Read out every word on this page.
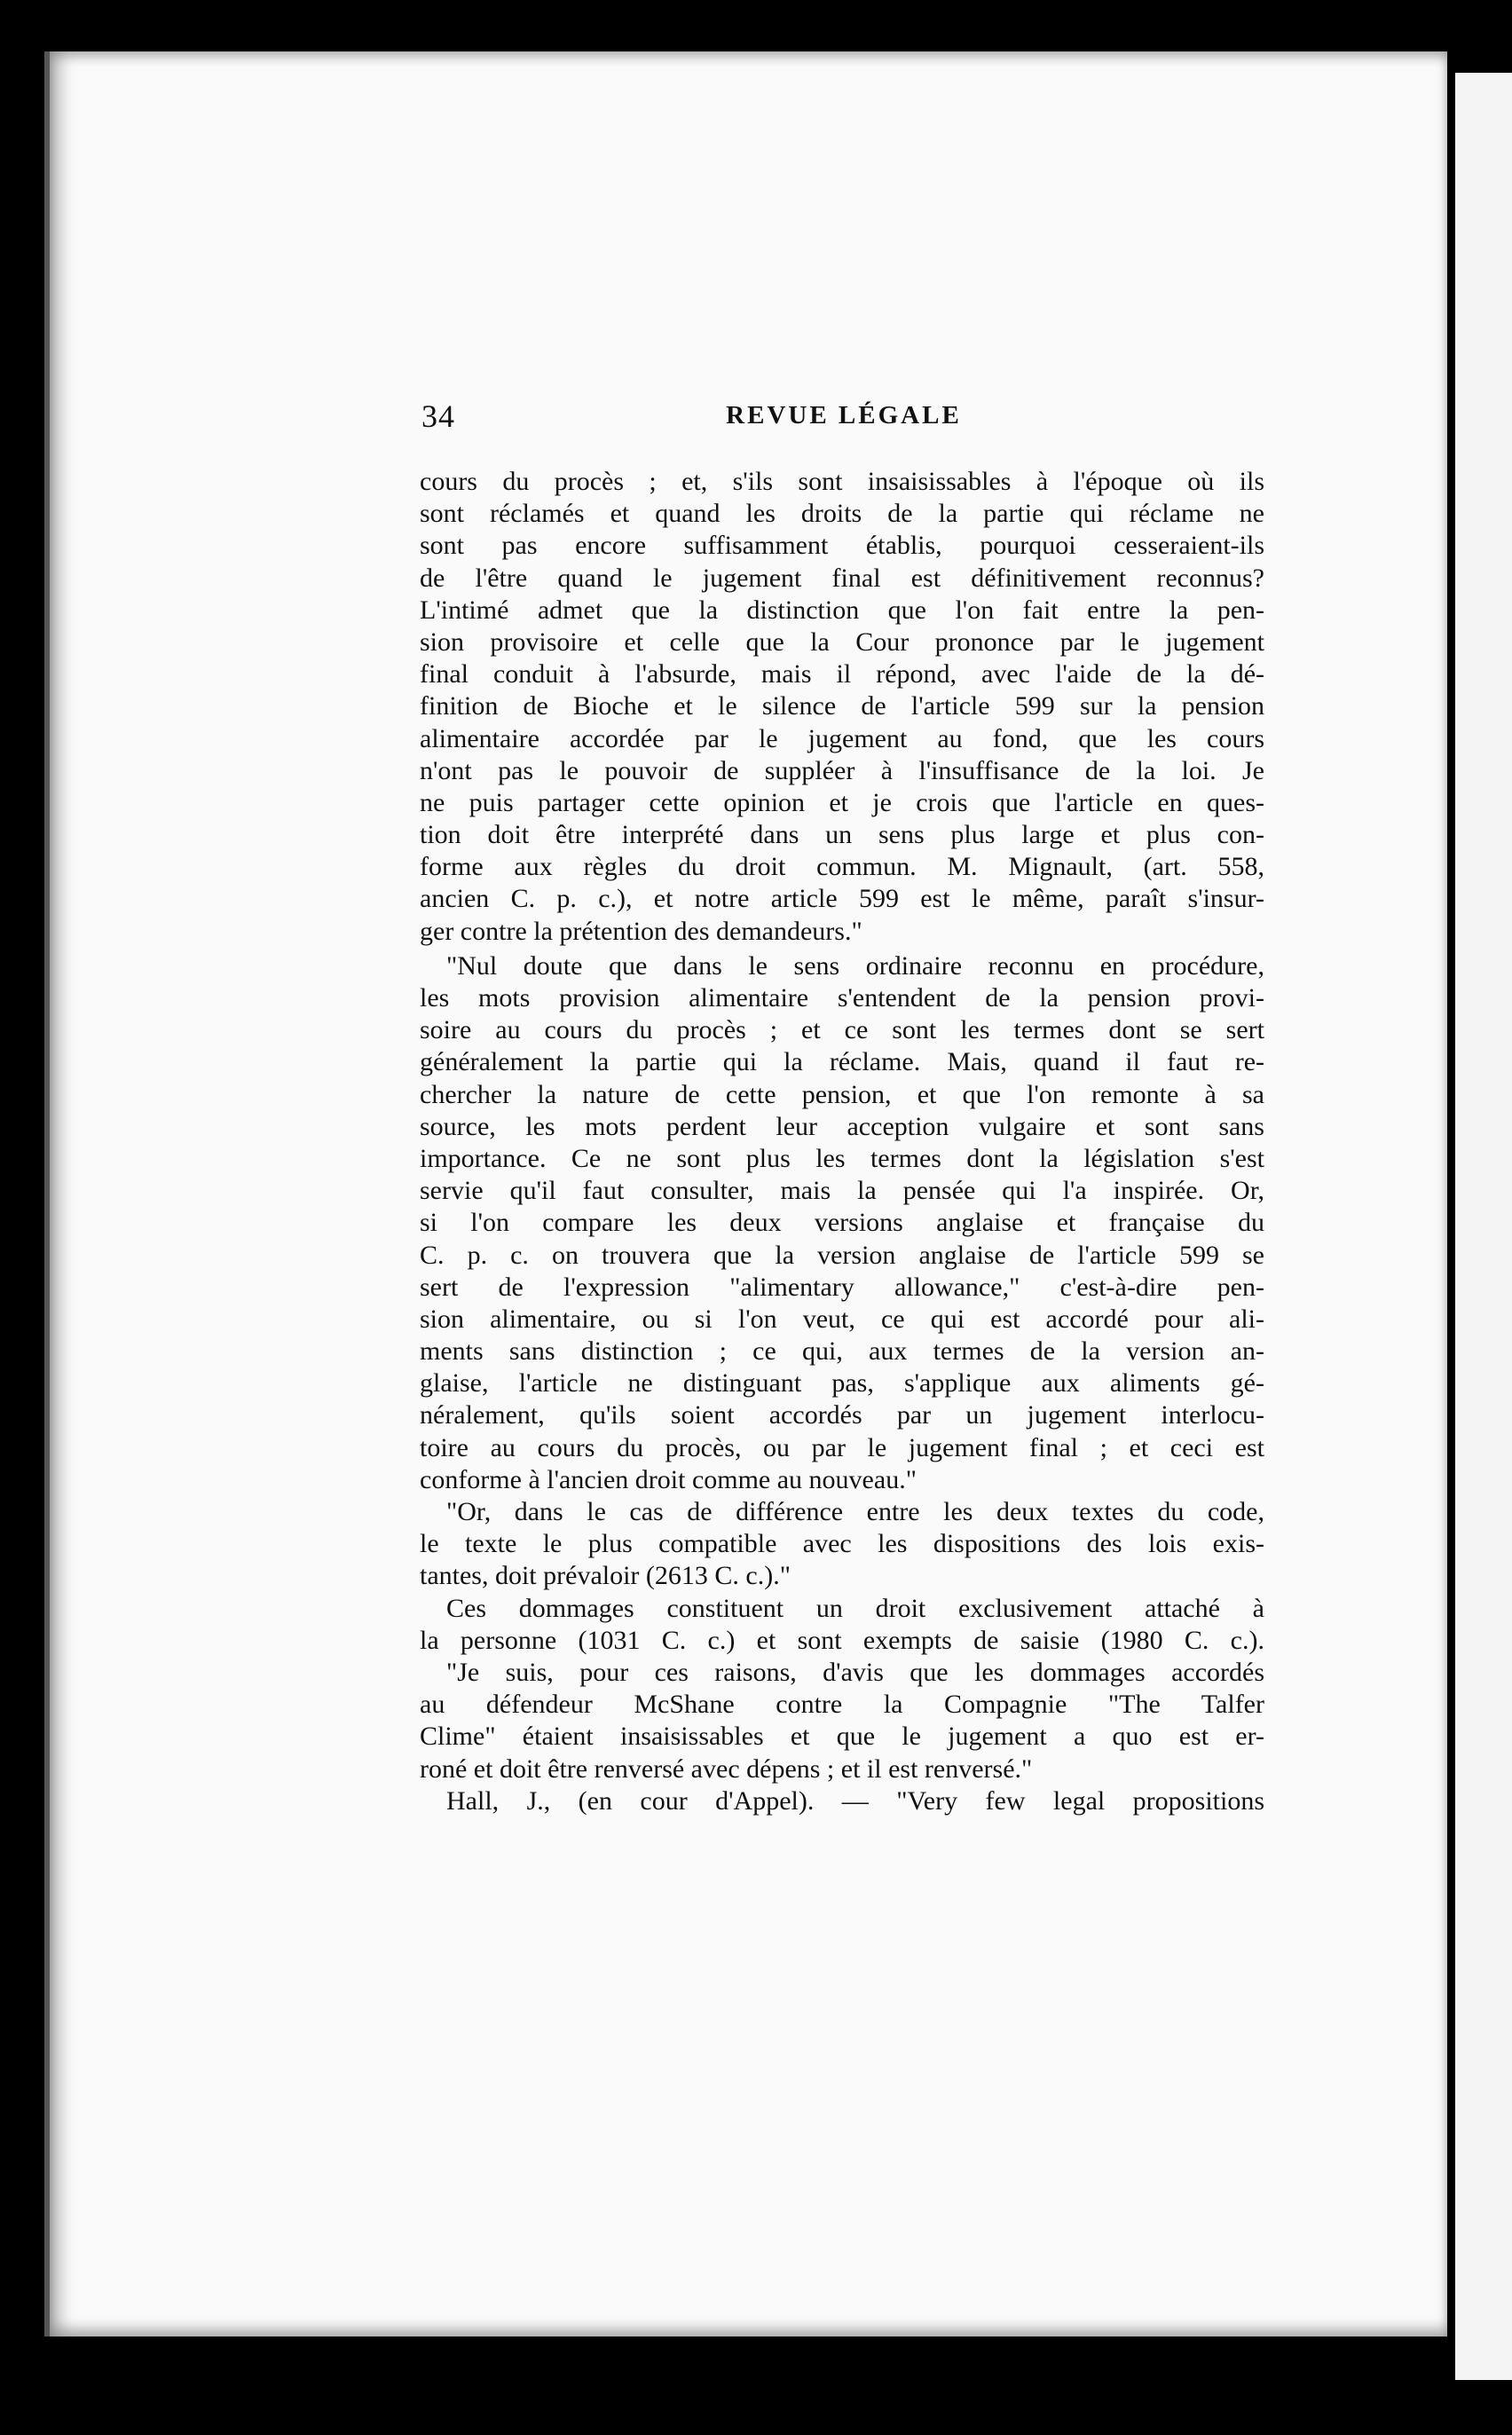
34	REVUE LÉGALE
cours du procès ; et, s'ils sont insaisissables à l'époque où ils
sont réclamés et quand les droits de la partie qui réclame ne
sont pas encore suffisamment établis, pourquoi cesseraient-ils
de l'être quand le jugement final est définitivement reconnus?
L'intimé admet que la distinction que l'on fait entre la pen-
sion provisoire et celle que la Cour prononce par le jugement
final conduit à l'absurde, mais il répond, avec l'aide de la dé-
finition de Bioche et le silence de l'article 599 sur la pension
alimentaire accordée par le jugement au fond, que les cours
n'ont pas le pouvoir de suppléer à l'insuffisance de la loi. Je
ne puis partager cette opinion et je crois que l'article en ques-
tion doit être interprété dans un sens plus large et plus con-
forme aux règles du droit commun. M. Mignault, (art. 558,
ancien C. p. c.), et notre article 599 est le même, paraît s'insur-
ger contre la prétention des demandeurs."
"Nul doute que dans le sens ordinaire reconnu en procédure,
les mots provision alimentaire s'entendent de la pension provi-
soire au cours du procès ; et ce sont les termes dont se sert
généralement la partie qui la réclame. Mais, quand il faut re-
chercher la nature de cette pension, et que l'on remonte à sa
source, les mots perdent leur acception vulgaire et sont sans
importance. Ce ne sont plus les termes dont la législation s'est
servie qu'il faut consulter, mais la pensée qui l'a inspirée. Or,
si l'on compare les deux versions anglaise et française du
C. p. c. on trouvera que la version anglaise de l'article 599 se
sert de l'expression "alimentary allowance," c'est-à-dire pen-
sion alimentaire, ou si l'on veut, ce qui est accordé pour ali-
ments sans distinction ; ce qui, aux termes de la version an-
glaise, l'article ne distinguant pas, s'applique aux aliments gé-
néralement, qu'ils soient accordés par un jugement interlocu-
toire au cours du procès, ou par le jugement final ; et ceci est
conforme à l'ancien droit comme au nouveau."
"Or, dans le cas de différence entre les deux textes du code,
le texte le plus compatible avec les dispositions des lois exis-
tantes, doit prévaloir (2613 C. c.)."
Ces dommages constituent un droit exclusivement attaché à
la personne (1031 C. c.) et sont exempts de saisie (1980 C. c.).
"Je suis, pour ces raisons, d'avis que les dommages accordés
au défendeur McShane contre la Compagnie "The Talfer
Clime" étaient insaisissables et que le jugement a quo est er-
roné et doit être renversé avec dépens ; et il est renversé."
Hall, J., (en cour d'Appel). — "Very few legal propositions
